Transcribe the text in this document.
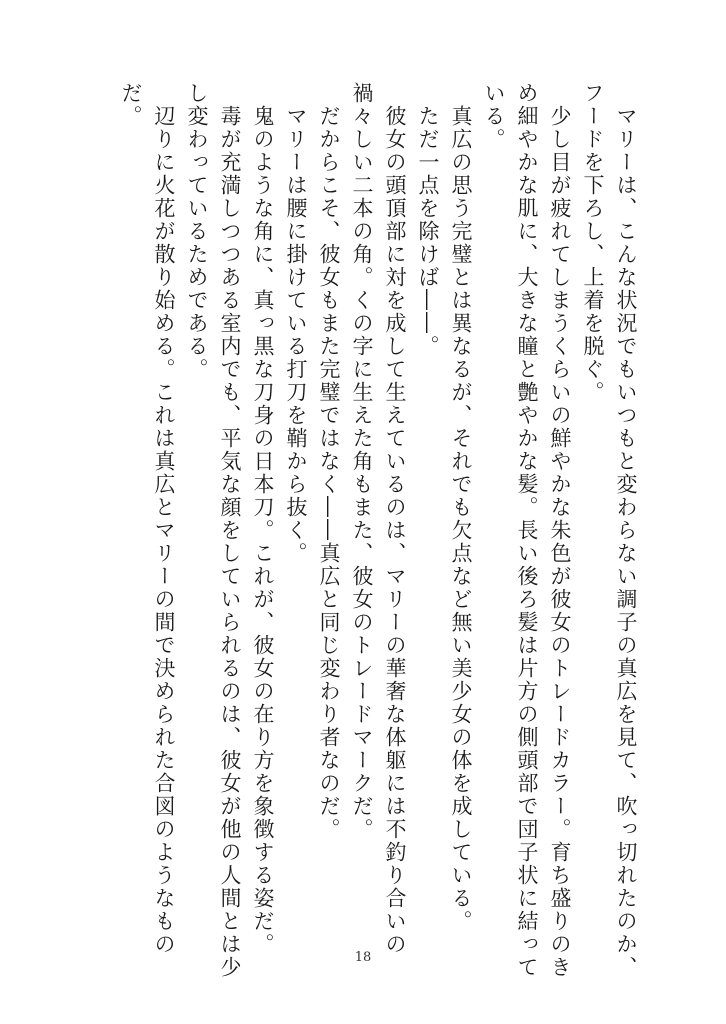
　マリーは、こんな状況でもいつもと変わらない調子の真広を見て、吹っ切れたのか、

フードを下ろし、上着を脱ぐ。

　少し目が疲れてしまうくらいの鮮やかな朱色が彼女のトレードカラー。育ち盛りのき

め細やかな肌に、大きな瞳と艶やかな髪。長い後ろ髪は片方の側頭部で団子状に結って

いる。

　真広の思う完璧とは異なるが、それでも欠点など無い美少女の体を成している。

　ただ一点を除けば――。

　彼女の頭頂部に対を成して生えているのは、マリーの華奢な体躯には不釣り合いの

禍々しい二本の角。くの字に生えた角もまた、彼女のトレードマークだ。

　だからこそ、彼女もまた完璧ではなく――真広と同じ変わり者なのだ。

　マリーは腰に掛けている打刀を鞘から抜く。

　鬼のような角に、真っ黒な刀身の日本刀。これが、彼女の在り方を象徴する姿だ。

　毒が充満しつつある室内でも、平気な顔をしていられるのは、彼女が他の人間とは少

し変わっているためである。

　辺りに火花が散り始める。これは真広とマリーの間で決められた合図のようなもの

だ。

18
